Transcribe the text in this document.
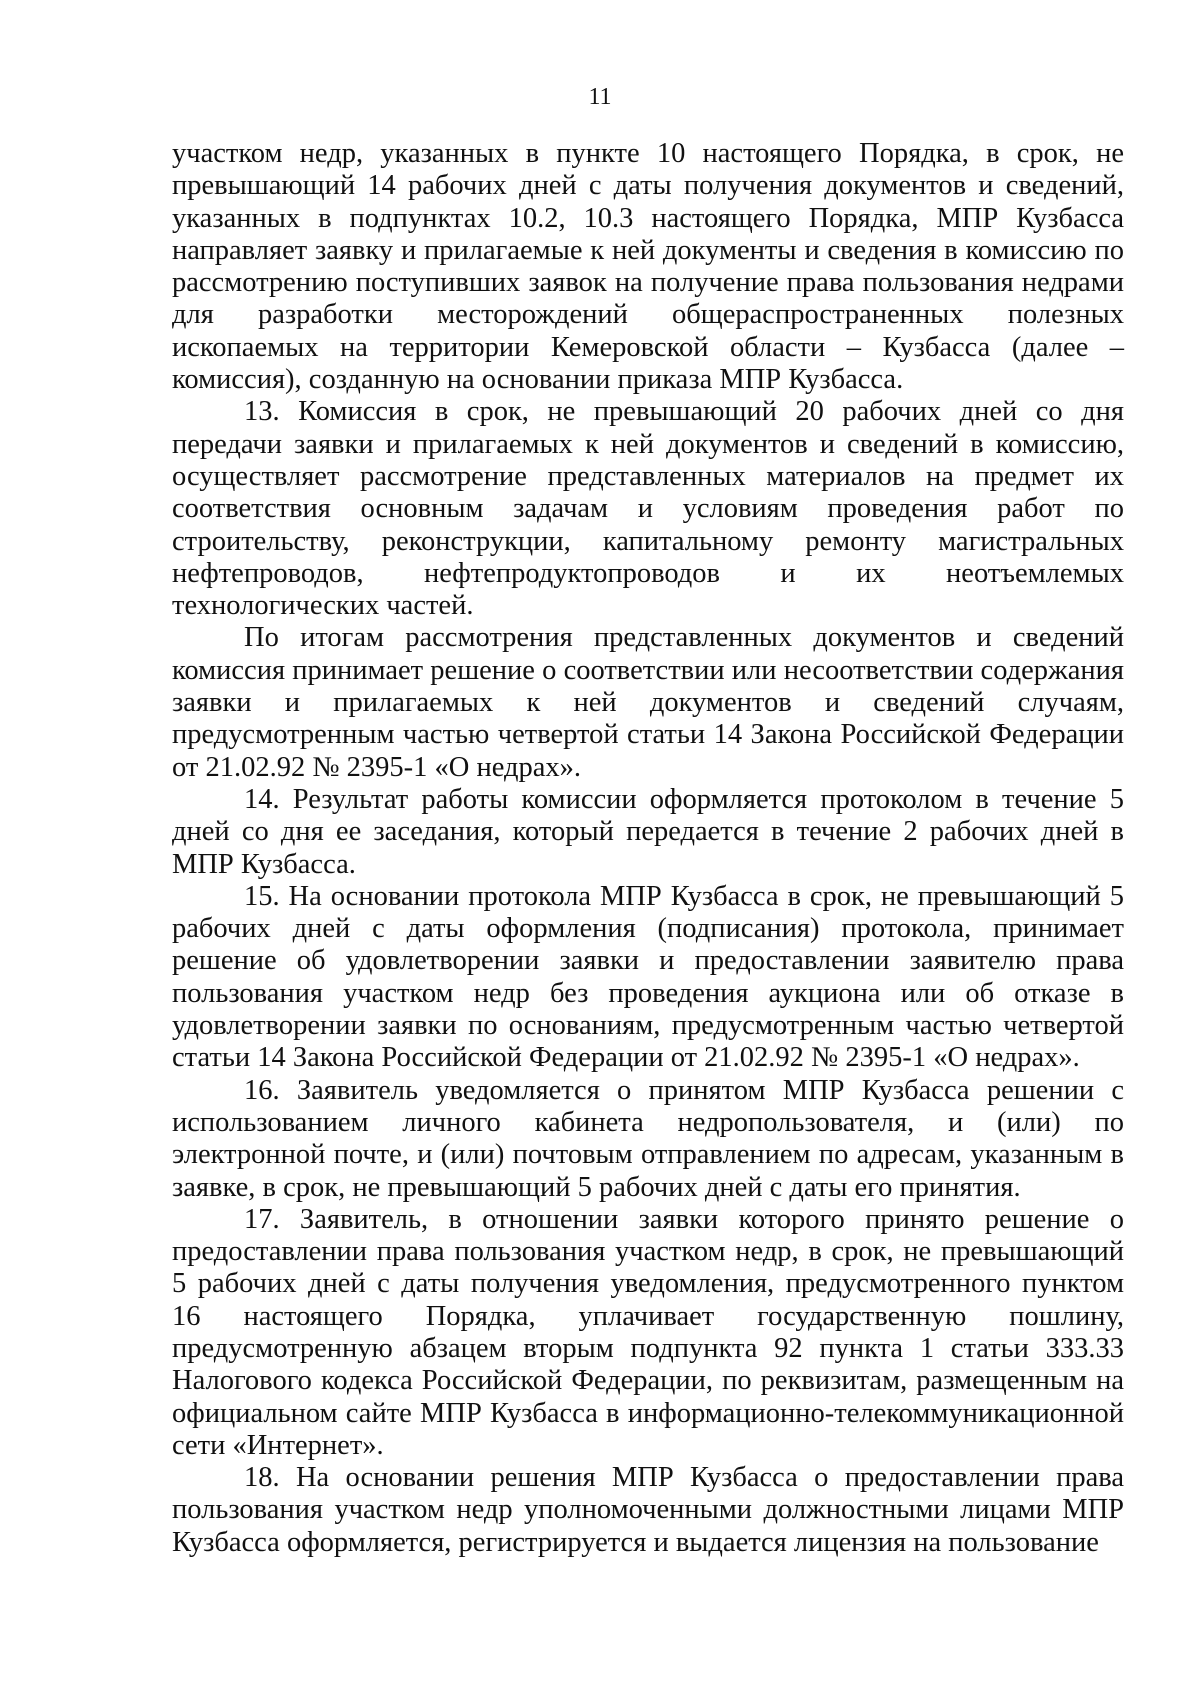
11

участком недр, указанных в пункте 10 настоящего Порядка, в срок, не превышающий 14 рабочих дней с даты получения документов и сведений, указанных в подпунктах 10.2, 10.3 настоящего Порядка, МПР Кузбасса направляет заявку и прилагаемые к ней документы и сведения в комиссию по рассмотрению поступивших заявок на получение права пользования недрами для разработки месторождений общераспространенных полезных ископаемых на территории Кемеровской области – Кузбасса (далее – комиссия), созданную на основании приказа МПР Кузбасса.

13. Комиссия в срок, не превышающий 20 рабочих дней со дня передачи заявки и прилагаемых к ней документов и сведений в комиссию, осуществляет рассмотрение представленных материалов на предмет их соответствия основным задачам и условиям проведения работ по строительству, реконструкции, капитальному ремонту магистральных нефтепроводов, нефтепродуктопроводов и их неотъемлемых технологических частей.

По итогам рассмотрения представленных документов и сведений комиссия принимает решение о соответствии или несоответствии содержания заявки и прилагаемых к ней документов и сведений случаям, предусмотренным частью четвертой статьи 14 Закона Российской Федерации от 21.02.92 № 2395-1 «О недрах».

14. Результат работы комиссии оформляется протоколом в течение 5 дней со дня ее заседания, который передается в течение 2 рабочих дней в МПР Кузбасса.

15. На основании протокола МПР Кузбасса в срок, не превышающий 5 рабочих дней с даты оформления (подписания) протокола, принимает решение об удовлетворении заявки и предоставлении заявителю права пользования участком недр без проведения аукциона или об отказе в удовлетворении заявки по основаниям, предусмотренным частью четвертой статьи 14 Закона Российской Федерации от 21.02.92 № 2395-1 «О недрах».

16. Заявитель уведомляется о принятом МПР Кузбасса решении с использованием личного кабинета недропользователя, и (или) по электронной почте, и (или) почтовым отправлением по адресам, указанным в заявке, в срок, не превышающий 5 рабочих дней с даты его принятия.

17. Заявитель, в отношении заявки которого принято решение о предоставлении права пользования участком недр, в срок, не превышающий 5 рабочих дней с даты получения уведомления, предусмотренного пунктом 16 настоящего Порядка, уплачивает государственную пошлину, предусмотренную абзацем вторым подпункта 92 пункта 1 статьи 333.33 Налогового кодекса Российской Федерации, по реквизитам, размещенным на официальном сайте МПР Кузбасса в информационно-телекоммуникационной сети «Интернет».

18. На основании решения МПР Кузбасса о предоставлении права пользования участком недр уполномоченными должностными лицами МПР Кузбасса оформляется, регистрируется и выдается лицензия на пользование
